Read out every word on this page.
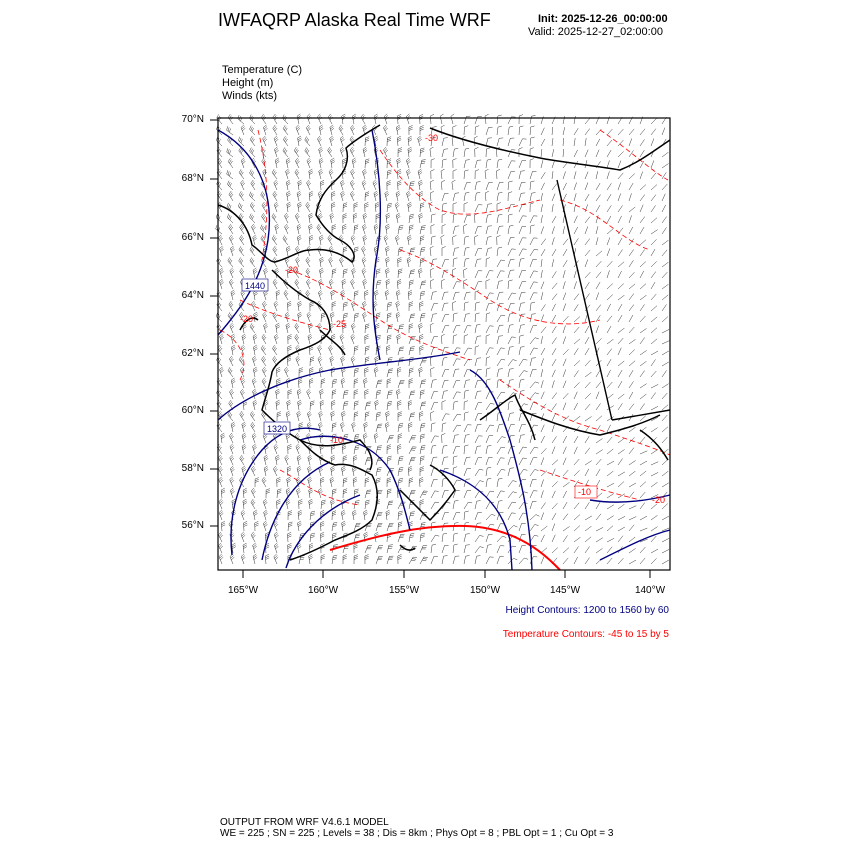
IWFAQRP Alaska Real Time WRF	Init: 2025-12-26_00:00:00
Valid: 2025-12-27_02:00:00
Temperature (C)
Height (m)
Winds (kts)
1440
1320
-30
-20
-20	-25
-10
-10
-20
70°N
68°N
66°N
64°N
62°N
60°N
58°N
56°N
165°W	160°W	155°W	150°W	145°W	140°W
Height Contours: 1200 to 1560 by 60
Temperature Contours: -45 to 15 by 5
OUTPUT FROM WRF V4.6.1 MODEL
WE = 225 ; SN = 225 ; Levels = 38 ; Dis = 8km ; Phys Opt = 8 ; PBL Opt = 1 ; Cu Opt = 3
